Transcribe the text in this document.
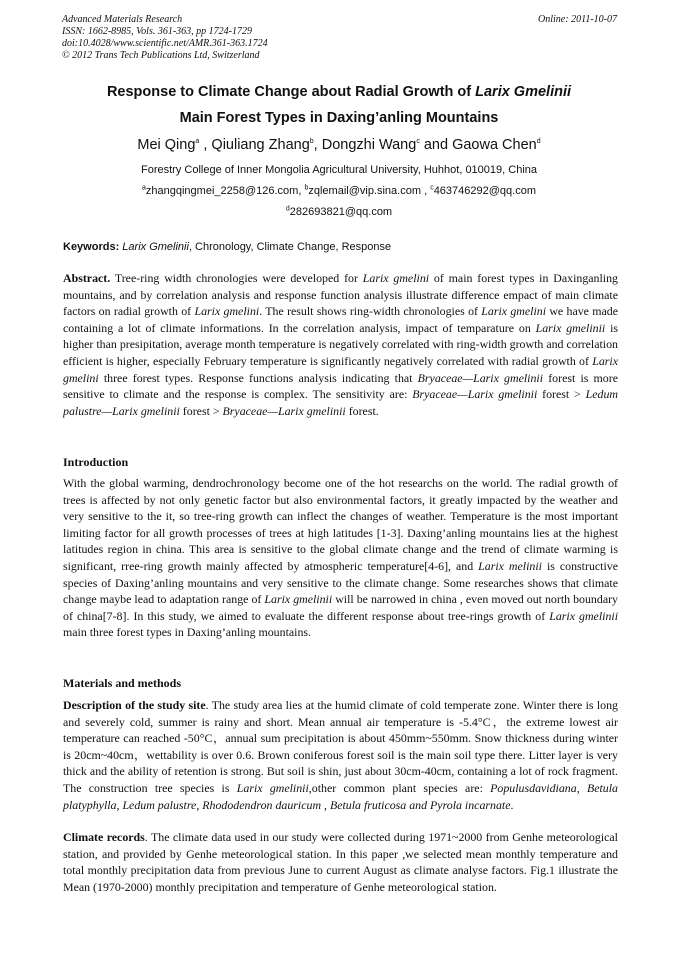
Advanced Materials Research
ISSN: 1662-8985, Vols. 361-363, pp 1724-1729
doi:10.4028/www.scientific.net/AMR.361-363.1724
© 2012 Trans Tech Publications Ltd, Switzerland
Online: 2011-10-07
Response to Climate Change about Radial Growth of Larix Gmelinii
Main Forest Types in Daxing’anling Mountains
Mei Qing$^a$ , Qiuliang Zhang$^b$, Dongzhi Wang$^c$ and Gaowa Chen$^d$
Forestry College of Inner Mongolia Agricultural University, Huhhot, 010019, China
$^a$zhangqingmei_2258@126.com, $^b$zqlemail@vip.sina.com , $^c$463746292@qq.com
$^d$282693821@qq.com
Keywords: Larix Gmelinii, Chronology, Climate Change, Response
Abstract. Tree-ring width chronologies were developed for Larix gmelini of main forest types in Daxinganling mountains, and by correlation analysis and response function analysis illustrate difference empact of main climate factors on radial growth of Larix gmelini. The result shows ring-width chronologies of Larix gmelini we have made containing a lot of climate informations. In the correlation analysis, impact of temparature on Larix gmelinii is higher than presipitation, average month temperature is negatively correlated with ring-width growth and correlation efficient is higher, especially February temperature is significantly negatively correlated with radial growth of Larix gmelini three forest types. Response functions analysis indicating that Bryaceae—Larix gmelinii forest is more sensitive to climate and the response is complex. The sensitivity are: Bryaceae—Larix gmelinii forest > Ledum palustre—Larix gmelinii forest > Bryaceae—Larix gmelinii forest.
Introduction
With the global warming, dendrochronology become one of the hot researchs on the world. The radial growth of trees is affected by not only genetic factor but also environmental factors, it greatly impacted by the weather and very sensitive to the it, so tree-ring growth can inflect the changes of weather. Temperature is the most important limiting factor for all growth processes of trees at high latitudes [1-3]. Daxing’anling mountains lies at the highest latitudes region in china. This area is sensitive to the global climate change and the trend of climate warming is significant, rree-ring growth mainly affected by atmospheric temperature[4-6], and Larix melinii is constructive species of Daxing’anling mountains and very sensitive to the climate change. Some researches shows that climate change maybe lead to adaptation range of Larix gmelinii will be narrowed in china , even moved out north boundary of china[7-8]. In this study, we aimed to evaluate the different response about tree-rings growth of Larix gmelinii main three forest types in Daxing’anling mountains.
Materials and methods
Description of the study site. The study area lies at the humid climate of cold temperate zone. Winter there is long and severely cold, summer is rainy and short. Mean annual air temperature is -5.4°C，the extreme lowest air temperature can reached -50°C，annual sum precipitation is about 450mm~550mm. Snow thickness during winter is 20cm~40cm，wettability is over 0.6. Brown coniferous forest soil is the main soil type there. Litter layer is very thick and the ability of retention is strong. But soil is shin, just about 30cm-40cm, containing a lot of rock fragment. The construction tree species is Larix gmelinii,other common plant species are: Populusdavidiana, Betula platyphylla, Ledum palustre, Rhododendron dauricum , Betula fruticosa and Pyrola incarnate.
Climate records. The climate data used in our study were collected during 1971~2000 from Genhe meteorological station, and provided by Genhe meteorological station. In this paper ,we selected mean monthly temperature and total monthly precipitation data from previous June to current August as climate analyse factors. Fig.1 illustrate the Mean (1970-2000) monthly precipitation and temperature of Genhe meteorological station.
